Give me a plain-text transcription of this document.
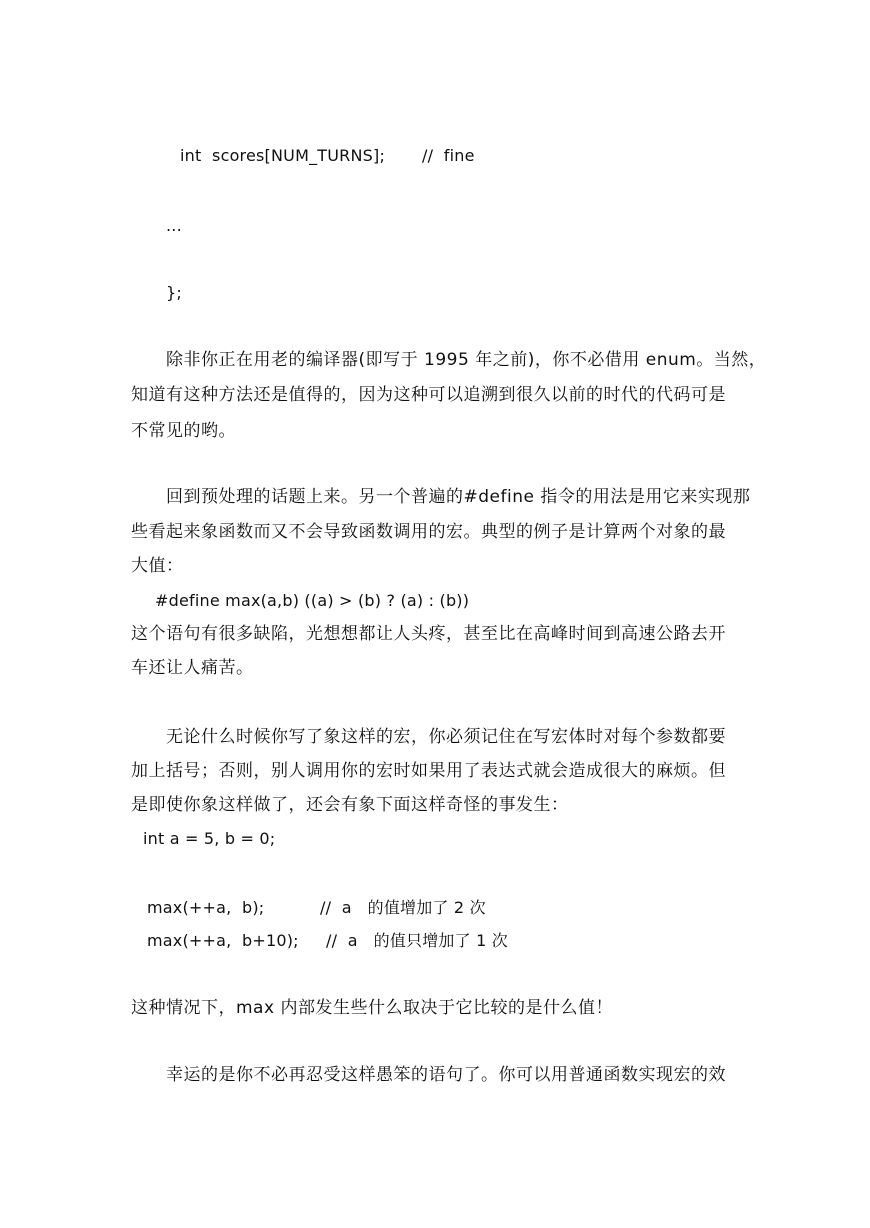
int  scores[NUM_TURNS]; //  fine
...
};
除非你正在用老的编译器(即写于 1995 年之前)，你不必借用 enum。当然，
知道有这种方法还是值得的，因为这种可以追溯到很久以前的时代的代码可是
不常见的哟。
回到预处理的话题上来。另一个普遍的#define 指令的用法是用它来实现那
些看起来象函数而又不会导致函数调用的宏。典型的例子是计算两个对象的最
大值：
#define max(a,b) ((a) > (b) ? (a) : (b))
这个语句有很多缺陷，光想想都让人头疼，甚至比在高峰时间到高速公路去开
车还让人痛苦。
无论什么时候你写了象这样的宏，你必须记住在写宏体时对每个参数都要
加上括号；否则，别人调用你的宏时如果用了表达式就会造成很大的麻烦。但
是即使你象这样做了，还会有象下面这样奇怪的事发生：
int a = 5, b = 0;
max(++a,  b);	//  a   的值增加了 2 次
max(++a,  b+10); //  a   的值只增加了 1 次
这种情况下，max 内部发生些什么取决于它比较的是什么值！
幸运的是你不必再忍受这样愚笨的语句了。你可以用普通函数实现宏的效
